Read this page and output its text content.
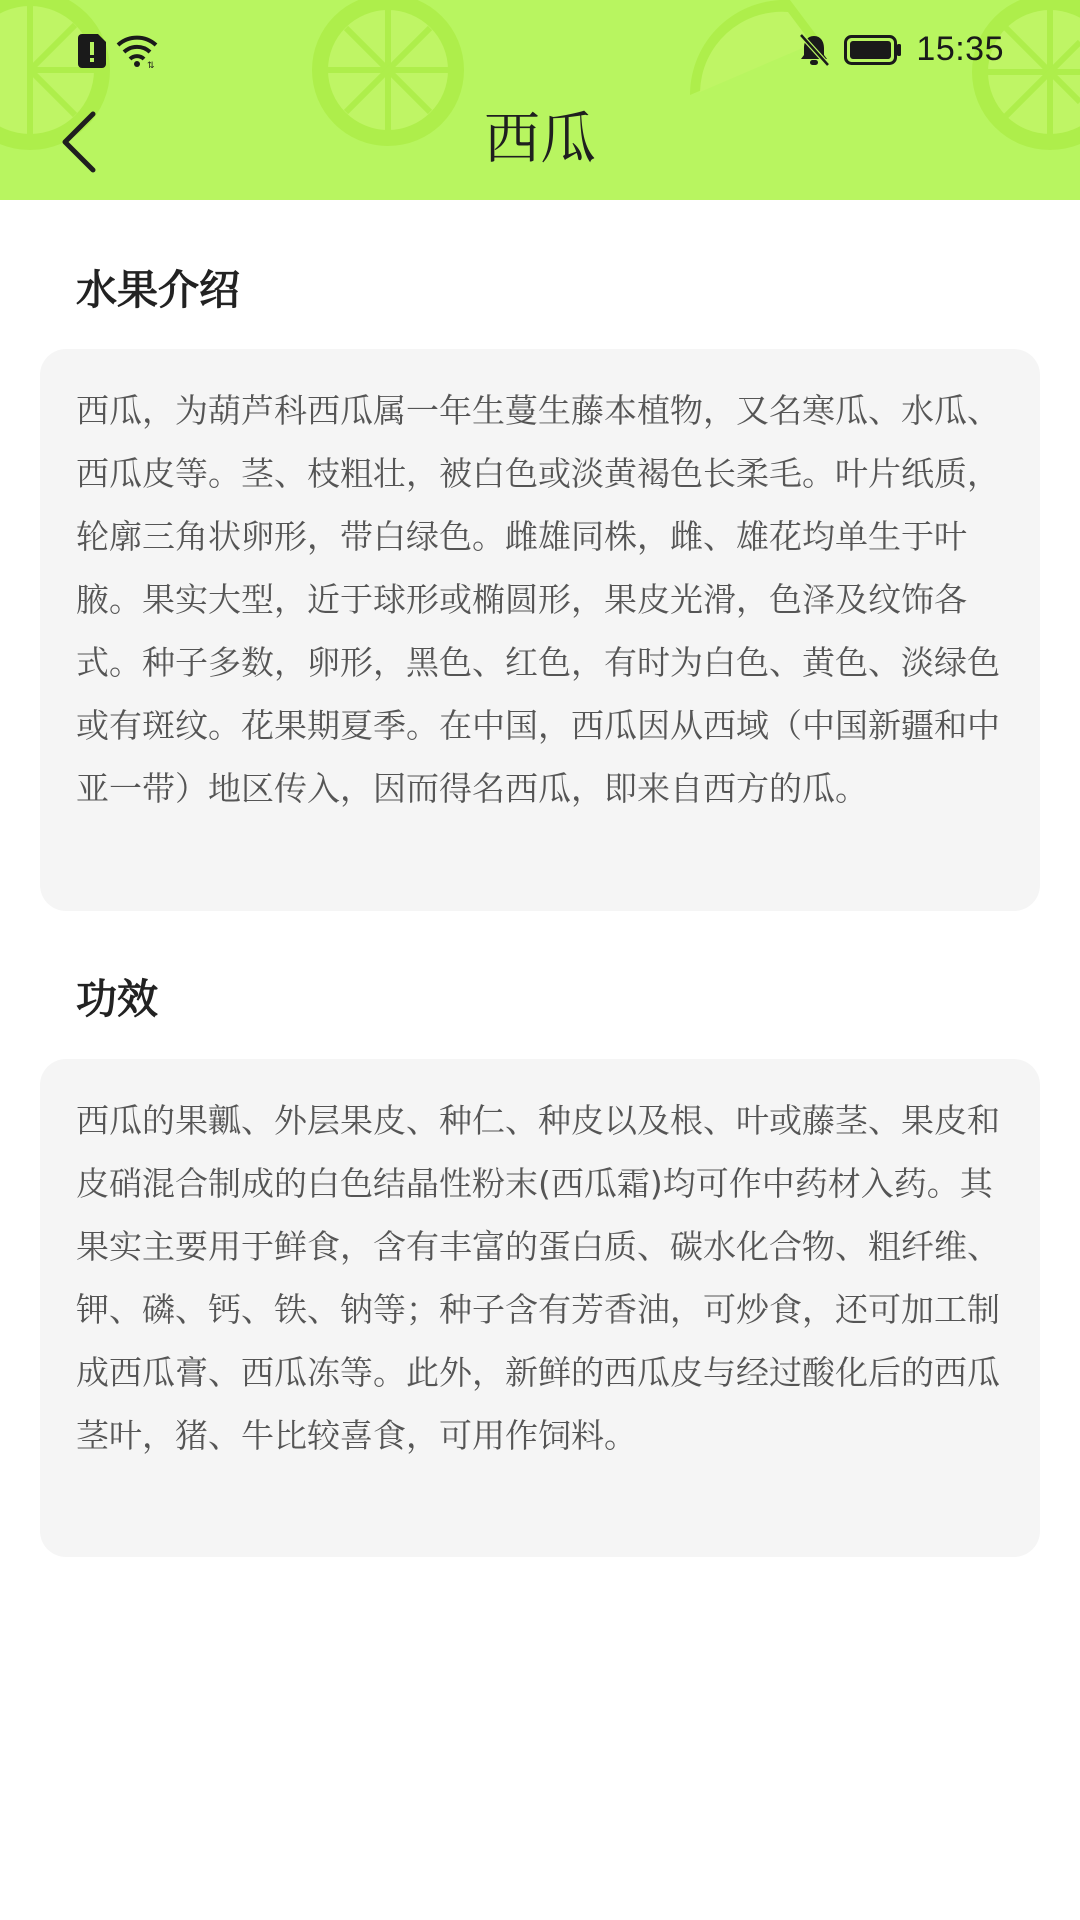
⇅	15:35
西瓜
水果介绍

西瓜，为葫芦科西瓜属一年生蔓生藤本植物，又名寒瓜、水瓜、西瓜皮等。茎、枝粗壮，被白色或淡黄褐色长柔毛。叶片纸质，轮廓三角状卵形，带白绿色。雌雄同株，雌、雄花均单生于叶腋。果实大型，近于球形或椭圆形，果皮光滑，色泽及纹饰各式。种子多数，卵形，黑色、红色，有时为白色、黄色、淡绿色或有斑纹。花果期夏季。在中国，西瓜因从西域（中国新疆和中亚一带）地区传入，因而得名西瓜，即来自西方的瓜。

功效

西瓜的果瓤、外层果皮、种仁、种皮以及根、叶或藤茎、果皮和皮硝混合制成的白色结晶性粉末(西瓜霜)均可作中药材入药。其果实主要用于鲜食，含有丰富的蛋白质、碳水化合物、粗纤维、钾、磷、钙、铁、钠等；种子含有芳香油，可炒食，还可加工制成西瓜膏、西瓜冻等。此外，新鲜的西瓜皮与经过酸化后的西瓜茎叶，猪、牛比较喜食，可用作饲料。
